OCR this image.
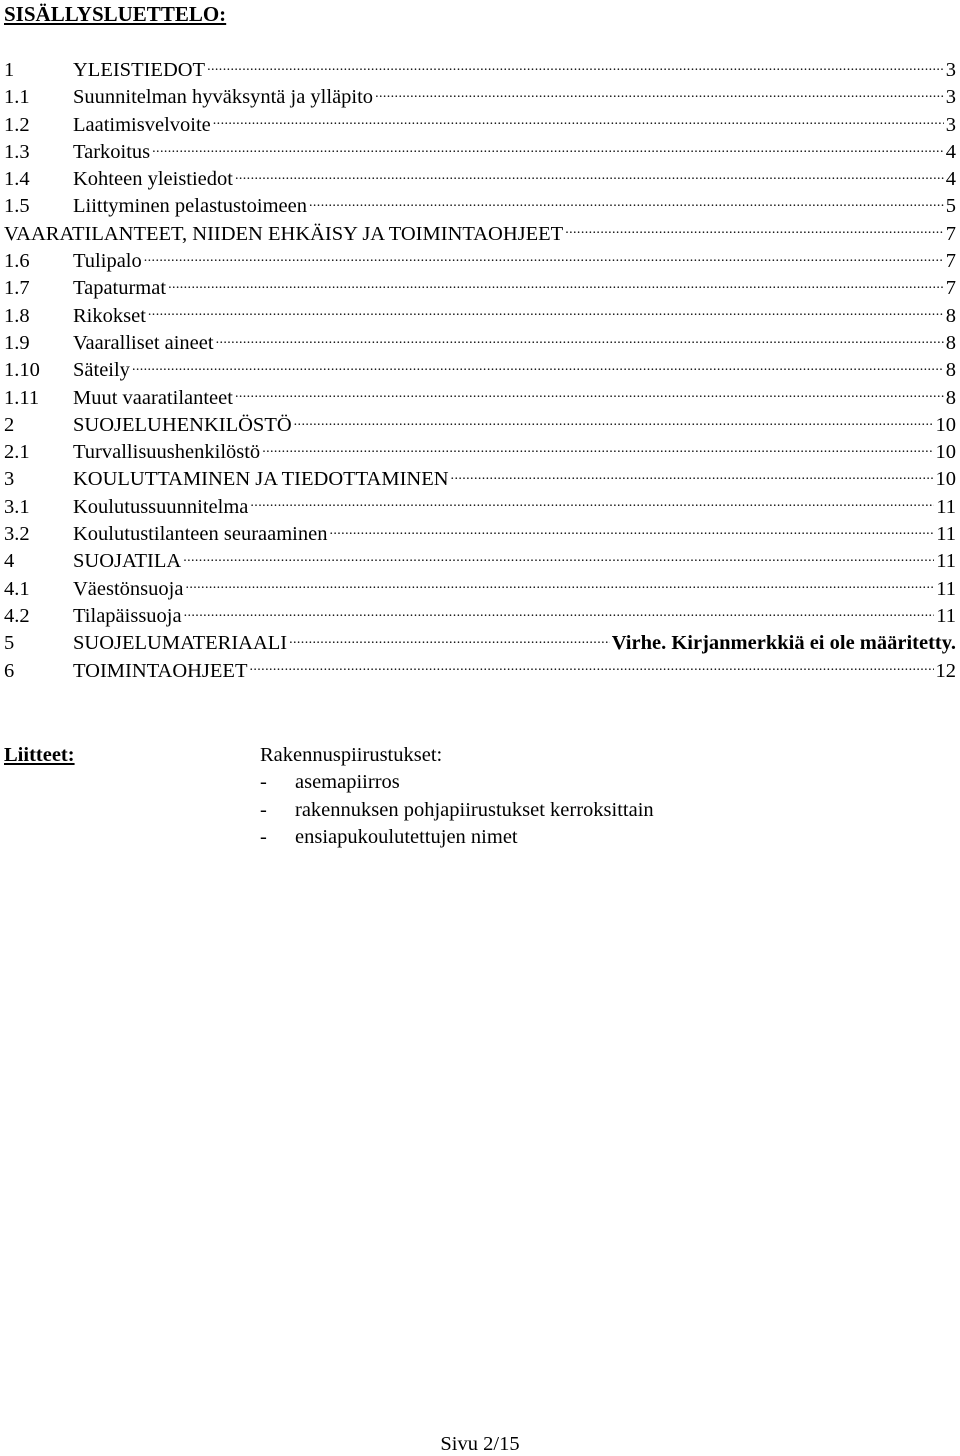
SISÄLLYSLUETTELO:
1	YLEISTIEDOT .....	3
1.1	Suunnitelman hyväksyntä ja ylläpito .....	3
1.2	Laatimisvelvoite .....	3
1.3	Tarkoitus .....	4
1.4	Kohteen yleistiedot .....	4
1.5	Liittyminen pelastustoimeen .....	5
VAARATILANTEET, NIIDEN EHKÄISY JA TOIMINTAOHJEET .....	7
1.6	Tulipalo .....	7
1.7	Tapaturmat .....	7
1.8	Rikokset .....	8
1.9	Vaaralliset aineet .....	8
1.10	Säteily .....	8
1.11	Muut vaaratilanteet .....	8
2	SUOJELUHENKILÖSTÖ .....	10
2.1	Turvallisuushenkilöstö .....	10
3	KOULUTTAMINEN JA TIEDOTTAMINEN .....	10
3.1	Koulutussuunnitelma .....	11
3.2	Koulutustilanteen seuraaminen .....	11
4	SUOJATILA .....	11
4.1	Väestönsuoja .....	11
4.2	Tilapäissuoja .....	11
5	SUOJELUMATERIAALI .....	Virhe. Kirjanmerkkiä ei ole määritetty.
6	TOIMINTAOHJEET .....	12
Liitteet:	Rakennuspiirustukset:
-	asemapiirros
-	rakennuksen pohjapiirustukset kerroksittain
-	ensiapukoulutettujen nimet
Sivu 2/15
